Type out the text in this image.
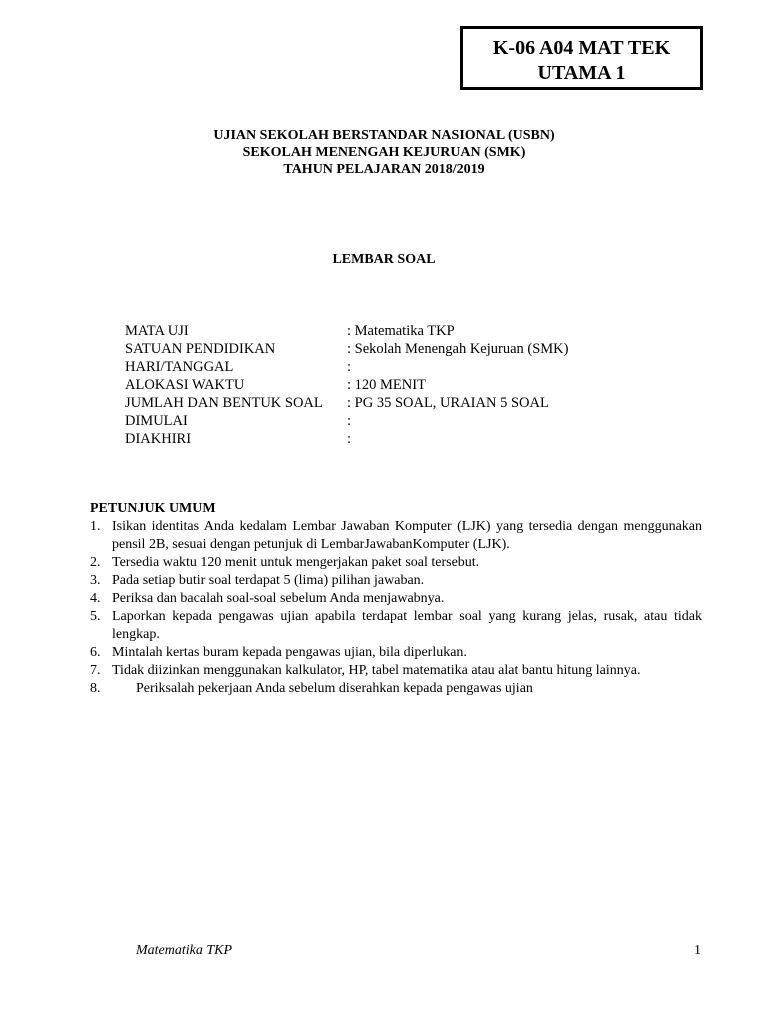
K-06 A04 MAT TEK
UTAMA 1
UJIAN SEKOLAH BERSTANDAR NASIONAL (USBN)
SEKOLAH MENENGAH KEJURUAN (SMK)
TAHUN PELAJARAN 2018/2019
LEMBAR SOAL
MATA UJI	: Matematika TKP
SATUAN PENDIDIKAN	: Sekolah Menengah Kejuruan (SMK)
HARI/TANGGAL	:
ALOKASI WAKTU	: 120 MENIT
JUMLAH DAN BENTUK SOAL	: PG 35 SOAL, URAIAN 5 SOAL
DIMULAI	:
DIAKHIRI	:
PETUNJUK UMUM
1. Isikan identitas Anda kedalam Lembar Jawaban Komputer (LJK) yang tersedia dengan menggunakan pensil 2B, sesuai dengan petunjuk di LembarJawabanKomputer (LJK).
2. Tersedia waktu 120 menit untuk mengerjakan paket soal tersebut.
3. Pada setiap butir soal terdapat 5 (lima) pilihan jawaban.
4. Periksa dan bacalah soal-soal sebelum Anda menjawabnya.
5. Laporkan kepada pengawas ujian apabila terdapat lembar soal yang kurang jelas, rusak, atau tidak lengkap.
6. Mintalah kertas buram kepada pengawas ujian, bila diperlukan.
7. Tidak diizinkan menggunakan kalkulator, HP, tabel matematika atau alat bantu hitung lainnya.
8.	Periksalah pekerjaan Anda sebelum diserahkan kepada pengawas ujian
Matematika TKP	1
